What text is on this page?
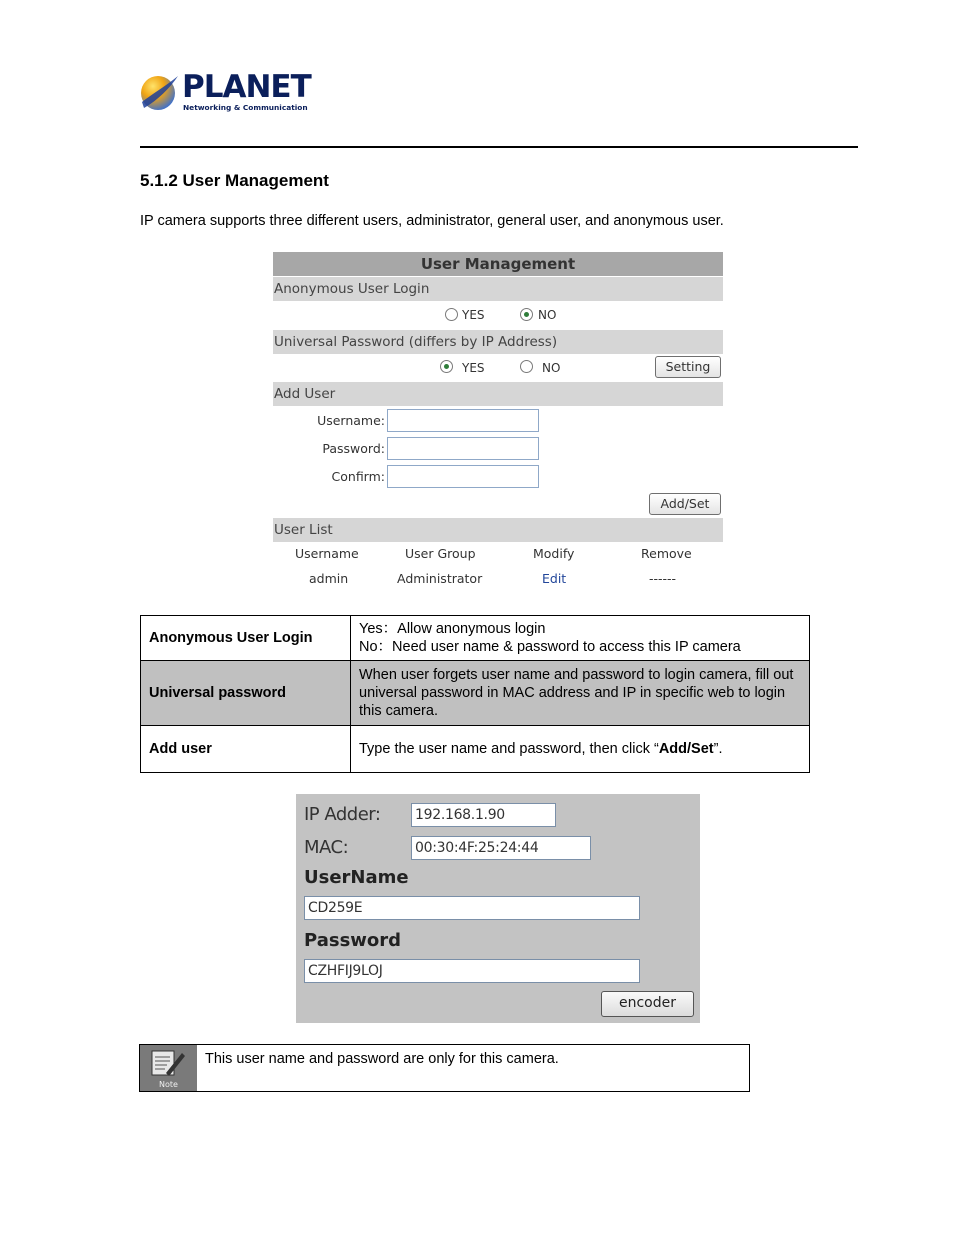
PLANET
Networking & Communication
5.1.2 User Management
IP camera supports three different users, administrator, general user, and anonymous user.
User Management
Anonymous User Login
YES	NO
Universal Password (differs by IP Address)
YES	NO	Setting
Add User
Username:
Password:
Confirm:
Add/Set
User List
Username	User Group	Modify	Remove
admin	Administrator	Edit	------
Anonymous User Login	Yes：Allow anonymous login
No：Need user name & password to access this IP camera

Universal password	When user forgets user name and password to login camera, fill out universal password in MAC address and IP in specific web to login this camera.
Add user	Type the user name and password, then click “Add/Set”.
IP Adder: 192.168.1.90
MAC:	00:30:4F:25:24:44
UserName
CD259E
Password
CZHFIJ9LOJ
encoder
Note
This user name and password are only for this camera.
